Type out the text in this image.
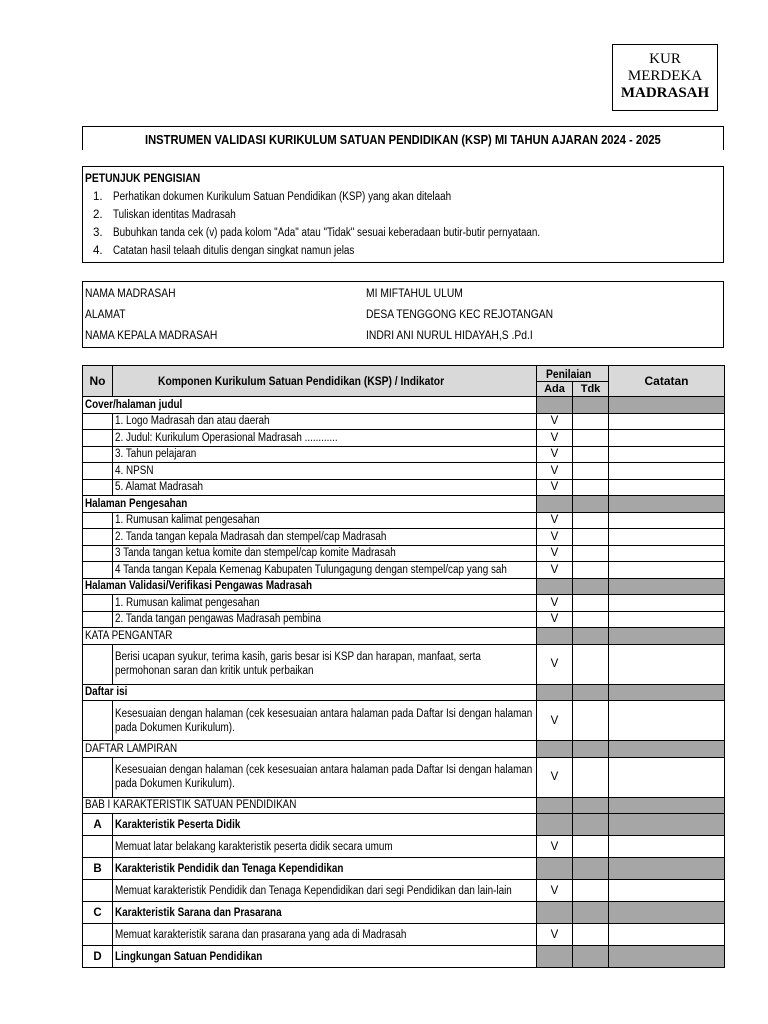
KUR
MERDEKA
MADRASAH
INSTRUMEN VALIDASI KURIKULUM SATUAN PENDIDIKAN (KSP) MI TAHUN AJARAN 2024 - 2025
PETUNJUK PENGISIAN
1. Perhatikan dokumen Kurikulum Satuan Pendidikan (KSP) yang akan ditelaah
2. Tuliskan identitas Madrasah
3. Bubuhkan tanda cek (v) pada kolom "Ada" atau "Tidak" sesuai keberadaan butir-butir pernyataan.
4. Catatan hasil telaah ditulis dengan singkat namun jelas
NAMA MADRASAH	MI MIFTAHUL ULUM
ALAMAT	DESA TENGGONG KEC REJOTANGAN
NAMA KEPALA MADRASAH	INDRI ANI NURUL HIDAYAH,S .Pd.I
No	Komponen Kurikulum Satuan Pendidikan (KSP) / Indikator	Penilaian		Catatan
		Ada	Tdk	
Cover/halaman judul				
	1. Logo Madrasah dan atau daerah	V		
	2. Judul: Kurikulum Operasional Madrasah ............	V		
	3. Tahun pelajaran	V		
	4. NPSN	V		
	5. Alamat Madrasah	V		
Halaman Pengesahan				
	1. Rumusan kalimat pengesahan	V		
	2. Tanda tangan kepala Madrasah dan stempel/cap Madrasah	V		
	3 Tanda tangan ketua komite dan stempel/cap komite Madrasah	V		
	4 Tanda tangan Kepala Kemenag Kabupaten Tulungagung dengan stempel/cap yang sah	V		
Halaman Validasi/Verifikasi Pengawas Madrasah				
	1. Rumusan kalimat pengesahan	V		
	2. Tanda tangan pengawas Madrasah pembina	V		
KATA PENGANTAR				

	Berisi ucapan syukur, terima kasih, garis besar isi KSP dan harapan, manfaat, serta permohonan saran dan kritik untuk perbaikan	V		
Daftar isi				

	Kesesuaian dengan halaman (cek kesesuaian antara halaman pada Daftar Isi dengan halaman pada Dokumen Kurikulum).	V		
DAFTAR LAMPIRAN				

	Kesesuaian dengan halaman (cek kesesuaian antara halaman pada Daftar Isi dengan halaman pada Dokumen Kurikulum).	V		
BAB I KARAKTERISTIK SATUAN PENDIDIKAN				
A	Karakteristik Peserta Didik			
	Memuat latar belakang karakteristik peserta didik secara umum	V		
B	Karakteristik Pendidik dan Tenaga Kependidikan			
	Memuat karakteristik Pendidik dan Tenaga Kependidikan dari segi Pendidikan dan lain-lain	V		
C	Karakteristik Sarana dan Prasarana			
	Memuat karakteristik sarana dan prasarana yang ada di Madrasah	V		
D	Lingkungan Satuan Pendidikan			
